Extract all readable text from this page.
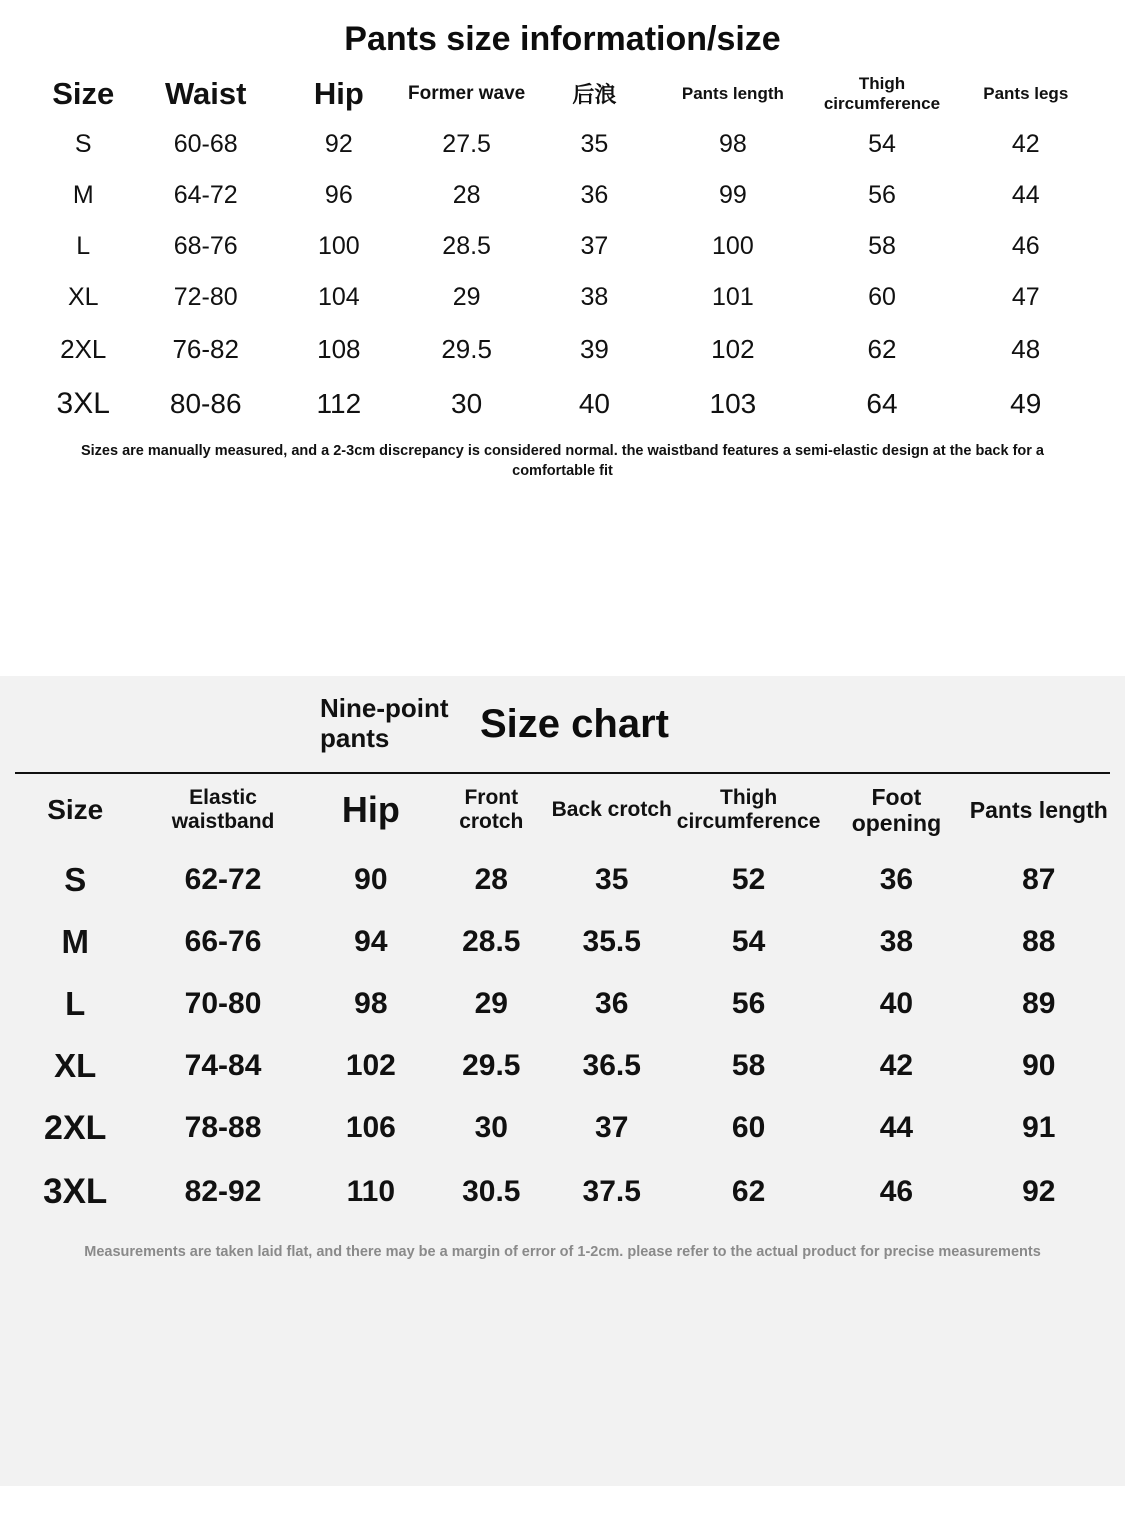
Pants size information/size
Size	Waist	Hip	Former wave	后浪	Pants length	Thigh circumference	Pants legs
S	60-68	92	27.5	35	98	54	42
M	64-72	96	28	36	99	56	44
L	68-76	100	28.5	37	100	58	46
XL	72-80	104	29	38	101	60	47
2XL	76-82	108	29.5	39	102	62	48
3XL	80-86	112	30	40	103	64	49
Sizes are manually measured, and a 2-3cm discrepancy is considered normal. the waistband features a semi-elastic design at the back for a comfortable fit
Nine-point pants	Size chart
Size	Elastic waistband	Hip	Front crotch	Back crotch	Thigh circumference	Foot opening	Pants length
S	62-72	90	28	35	52	36	87
M	66-76	94	28.5	35.5	54	38	88
L	70-80	98	29	36	56	40	89
XL	74-84	102	29.5	36.5	58	42	90
2XL	78-88	106	30	37	60	44	91
3XL	82-92	110	30.5	37.5	62	46	92
Measurements are taken laid flat, and there may be a margin of error of 1-2cm. please refer to the actual product for precise measurements
